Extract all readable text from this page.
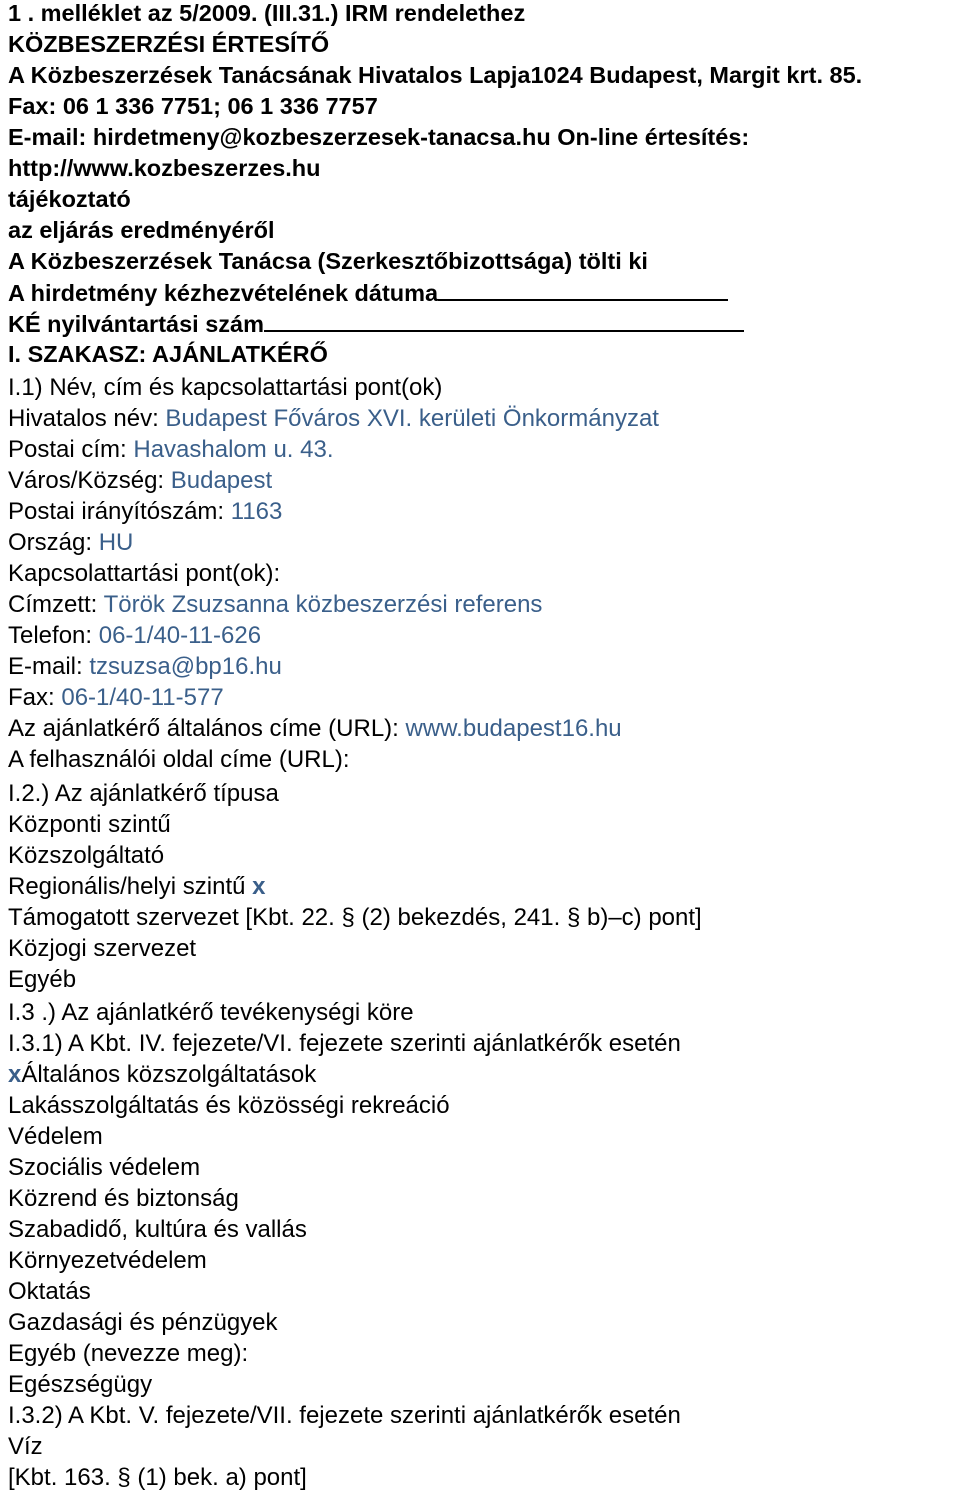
1 . melléklet az 5/2009. (III.31.) IRM rendelethez
KÖZBESZERZÉSI ÉRTESÍTŐ
A Közbeszerzések Tanácsának Hivatalos Lapja1024 Budapest, Margit krt. 85.
Fax: 06 1 336 7751; 06 1 336 7757
E-mail: hirdetmeny@kozbeszerzesek-tanacsa.hu On-line értesítés:
http://www.kozbeszerzes.hu
tájékoztató
az eljárás eredményéről
A Közbeszerzések Tanácsa (Szerkesztőbizottsága) tölti ki
A hirdetmény kézhezvételének dátuma
KÉ nyilvántartási szám
I. SZAKASZ: AJÁNLATKÉRŐ
I.1) Név, cím és kapcsolattartási pont(ok)
Hivatalos név: Budapest Főváros XVI. kerületi Önkormányzat
Postai cím: Havashalom u. 43.
Város/Község: Budapest
Postai irányítószám: 1163
Ország: HU
Kapcsolattartási pont(ok):
Címzett: Török Zsuzsanna közbeszerzési referens
Telefon: 06-1/40-11-626
E-mail: tzsuzsa@bp16.hu
Fax: 06-1/40-11-577
Az ajánlatkérő általános címe (URL): www.budapest16.hu
A felhasználói oldal címe (URL):
I.2.) Az ajánlatkérő típusa
Központi szintű
Közszolgáltató
Regionális/helyi szintű x
Támogatott szervezet [Kbt. 22. § (2) bekezdés, 241. § b)–c) pont]
Közjogi szervezet
Egyéb
I.3 .) Az ajánlatkérő tevékenységi köre
I.3.1) A Kbt. IV. fejezete/VI. fejezete szerinti ajánlatkérők esetén
xÁltalános közszolgáltatások
Lakásszolgáltatás és közösségi rekreáció
Védelem
Szociális védelem
Közrend és biztonság
Szabadidő, kultúra és vallás
Környezetvédelem
Oktatás
Gazdasági és pénzügyek
Egyéb (nevezze meg):
Egészségügy
I.3.2) A Kbt. V. fejezete/VII. fejezete szerinti ajánlatkérők esetén
Víz
[Kbt. 163. § (1) bek. a) pont]
